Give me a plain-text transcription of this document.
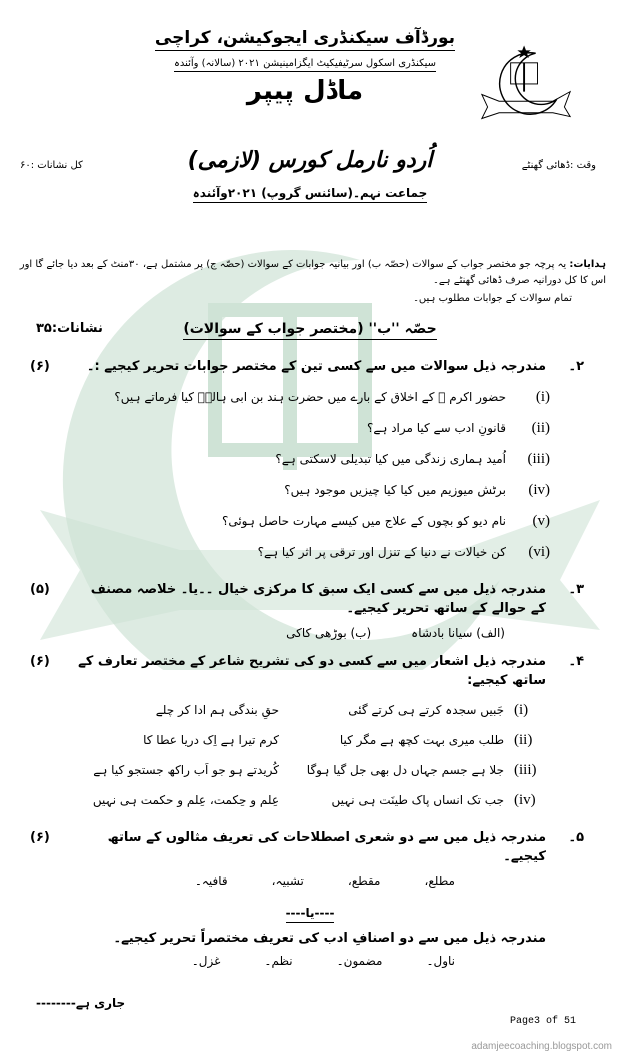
بورڈآف سیکنڈری ایجوکیشن، کراچی
سیکنڈری اسکول سرٹیفیکیٹ ایگزامینیشن ۲۰۲۱ (سالانہ) وآئندہ
ماڈل پیپر
اُردو نارمل کورس (لازمی)	وقت :ڈھائی گھنٹے
کل نشانات :۶۰
جماعت نہم۔(سائنس گروپ) ۲۰۲۱وآئندہ
ہدایات: یہ پرچہ جو مختصر جواب کے سوالات (حصّہ ب) اور بیانیہ جوابات کے سوالات (حصّہ ج) پر مشتمل ہے، ۳۰منٹ کے بعد دیا جائے گا اور اس کا کل دورانیہ صرف ڈھائی گھنٹے ہے۔
تمام سوالات کے جوابات مطلوب ہیں۔
حصّہ ''ب'' (مختصر جواب کے سوالات)
نشانات:۳۵
۲۔
مندرجہ ذیل سوالات میں سے کسی تین کے مختصر جوابات تحریر کیجیے :۔
(۶)
(i)
حضور اکرم ﷺ کے اخلاق کے بارے میں حضرت ہند بن ابی ہالہؓ کیا فرماتے ہیں؟
(ii)
قانونِ ادب سے کیا مراد ہے؟
(iii)
اُمید ہماری زندگی میں کیا تبدیلی لاسکتی ہے؟
(iv)
برٹش میوزیم میں کیا کیا چیزیں موجود ہیں؟
(v)
نام دیو کو بچوں کے علاج میں کیسے مہارت حاصل ہوئی؟
(vi)
کن خیالات نے دنیا کے تنزل اور ترقی پر اثر کیا ہے؟
۳۔
مندرجہ ذیل میں سے کسی ایک سبق کا مرکزی خیال ۔۔یا۔ خلاصہ مصنف کے حوالے کے ساتھ تحریر کیجیے۔
(۵)
(الف) سیانا بادشاہ
(ب) بوڑھی کاکی
۴۔
مندرجہ ذیل اشعار میں سے کسی دو کی تشریح شاعر کے مختصر تعارف کے ساتھ کیجیے:
(۶)
(i)
جَبیں سجدہ کرتے ہی کرتے گئی
حقِ بندگی ہم ادا کر چلے
(ii)
طلب میری بہت کچھ ہے مگر کیا
کرم تیرا ہے اِک دریا عطا کا
(iii)
جلا ہے جسم جہاں دل بھی جل گیا ہوگا
کُریدتے ہو جو اَب راکھ جستجو کیا ہے
(iv)
جب تک انساں پاک طینَت ہی نہیں
عِلم و حِکمت، عِلم و حکمت ہی نہیں
۵۔
مندرجہ ذیل میں سے دو شعری اصطلاحات کی تعریف مثالوں کے ساتھ کیجیے۔
(۶)
مطلع،
مقطع،
تشبیہ،
قافیہ۔
----یا----
مندرجہ ذیل میں سے دو اصنافِ ادب کی تعریف مختصراً تحریر کیجیے۔
ناول۔
مضمون۔
نظم۔
غزل۔
جاری ہے--------
Page3 of 51
adamjeecoaching.blogspot.com
